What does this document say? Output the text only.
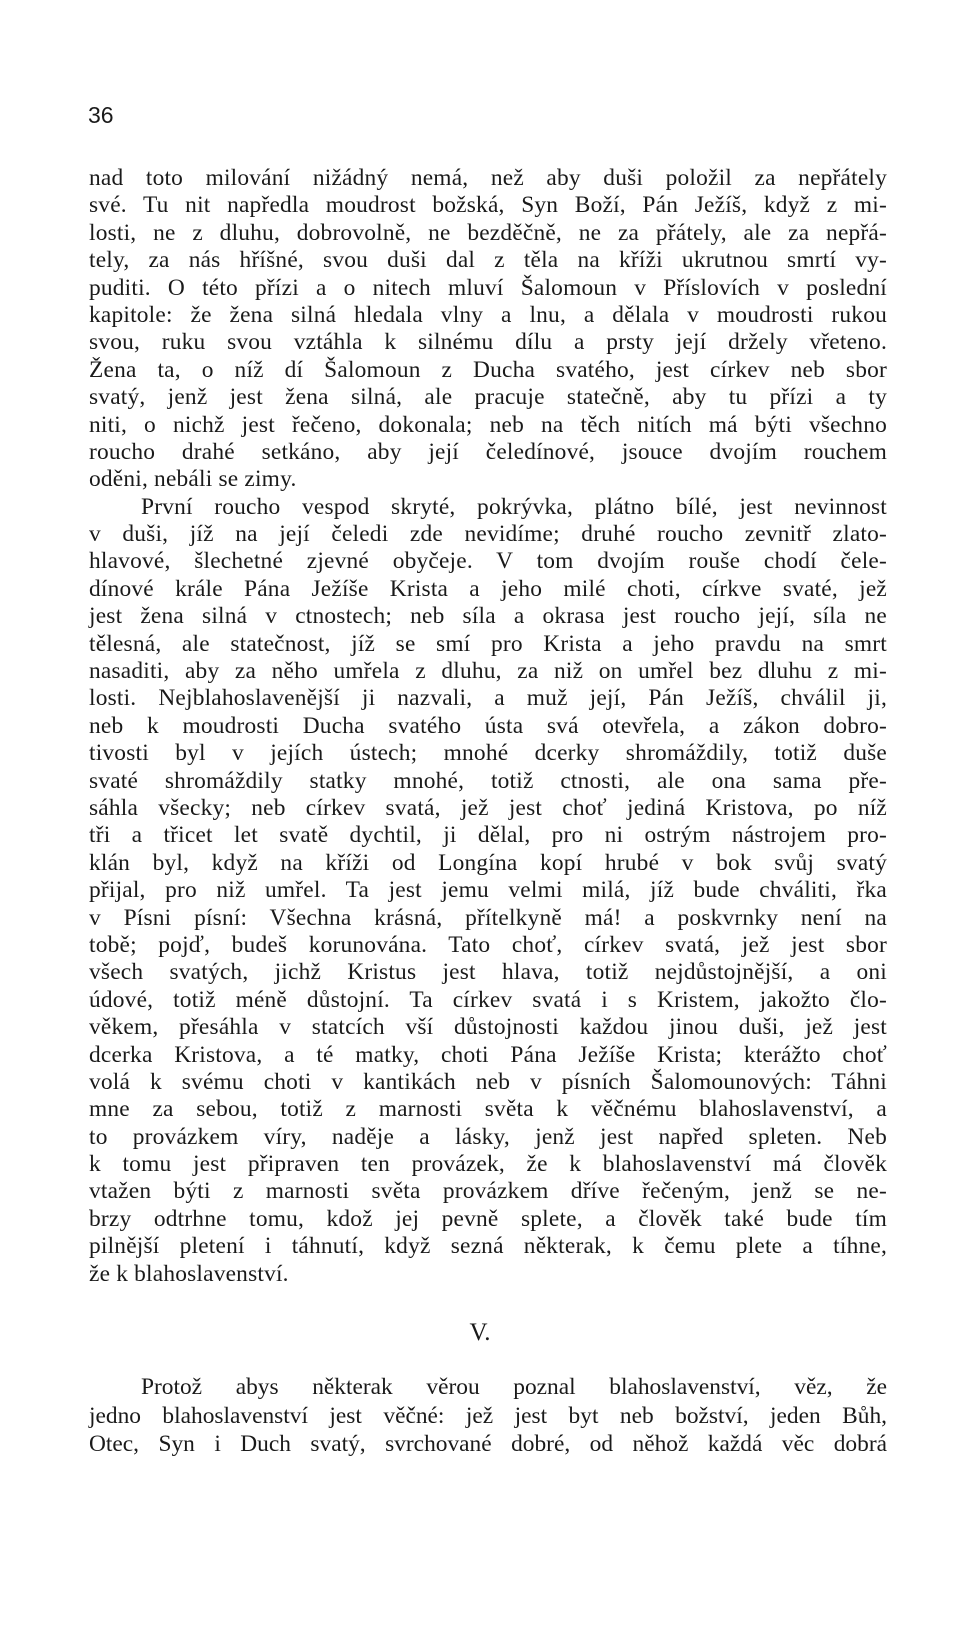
36
nad toto milování nižádný nemá, než aby duši položil za nepřátely
své. Tu nit napředla moudrost božská, Syn Boží, Pán Ježíš, když z mi-
losti, ne z dluhu, dobrovolně, ne bezděčně, ne za přátely, ale za nepřá-
tely, za nás hříšné, svou duši dal z těla na kříži ukrutnou smrtí vy-
puditi. O této přízi a o nitech mluví Šalomoun v Příslovích v poslední
kapitole: že žena silná hledala vlny a lnu, a dělala v moudrosti rukou
svou, ruku svou vztáhla k silnému dílu a prsty její držely vřeteno.
Žena ta, o níž dí Šalomoun z Ducha svatého, jest církev neb sbor
svatý, jenž jest žena silná, ale pracuje statečně, aby tu přízi a ty
niti, o nichž jest řečeno, dokonala; neb na těch nitích má býti všechno
roucho drahé setkáno, aby její čeledínové, jsouce dvojím rouchem
oděni, nebáli se zimy.
První roucho vespod skryté, pokrývka, plátno bílé, jest nevinnost
v duši, jíž na její čeledi zde nevidíme; druhé roucho zevnitř zlato-
hlavové, šlechetné zjevné obyčeje. V tom dvojím rouše chodí čele-
dínové krále Pána Ježíše Krista a jeho milé choti, církve svaté, jež
jest žena silná v ctnostech; neb síla a okrasa jest roucho její, síla ne
tělesná, ale statečnost, jíž se smí pro Krista a jeho pravdu na smrt
nasaditi, aby za něho umřela z dluhu, za niž on umřel bez dluhu z mi-
losti. Nejblahoslavenější ji nazvali, a muž její, Pán Ježíš, chválil ji,
neb k moudrosti Ducha svatého ústa svá otevřela, a zákon dobro-
tivosti byl v jejích ústech; mnohé dcerky shromáždily, totiž duše
svaté shromáždily statky mnohé, totiž ctnosti, ale ona sama pře-
sáhla všecky; neb církev svatá, jež jest choť jediná Kristova, po níž
tři a třicet let svatě dychtil, ji dělal, pro ni ostrým nástrojem pro-
klán byl, když na kříži od Longína kopí hrubé v bok svůj svatý
přijal, pro niž umřel. Ta jest jemu velmi milá, jíž bude chváliti, řka
v Písni písní: Všechna krásná, přítelkyně má! a poskvrnky není na
tobě; pojď, budeš korunována. Tato choť, církev svatá, jež jest sbor
všech svatých, jichž Kristus jest hlava, totiž nejdůstojnější, a oni
údové, totiž méně důstojní. Ta církev svatá i s Kristem, jakožto člo-
věkem, přesáhla v statcích vší důstojnosti každou jinou duši, jež jest
dcerka Kristova, a té matky, choti Pána Ježíše Krista; kterážto choť
volá k svému choti v kantikách neb v písních Šalomounových: Táhni
mne za sebou, totiž z marnosti světa k věčnému blahoslavenství, a
to provázkem víry, naděje a lásky, jenž jest napřed spleten. Neb
k tomu jest připraven ten provázek, že k blahoslavenství má člověk
vtažen býti z marnosti světa provázkem dříve řečeným, jenž se ne-
brzy odtrhne tomu, kdož jej pevně splete, a člověk také bude tím
pilnější pletení i táhnutí, když sezná některak, k čemu plete a tíhne,
že k blahoslavenství.
V.
Protož abys některak věrou poznal blahoslavenství, věz, že
jedno blahoslavenství jest věčné: jež jest byt neb božství, jeden Bůh,
Otec, Syn i Duch svatý, svrchované dobré, od něhož každá věc dobrá
